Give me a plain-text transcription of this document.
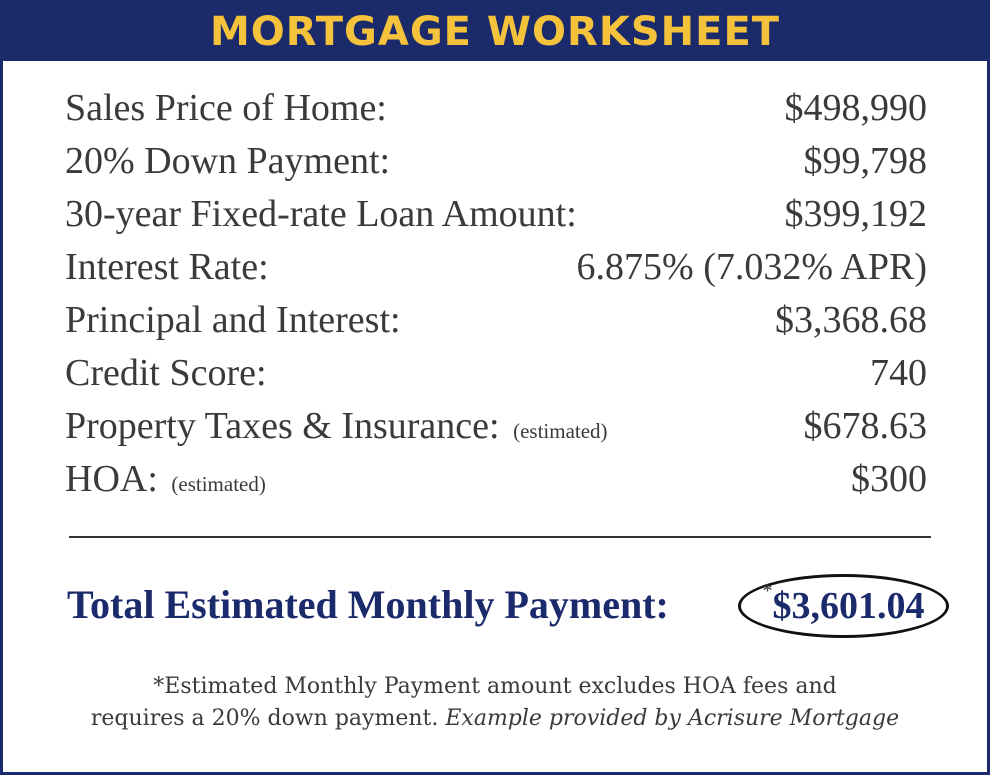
MORTGAGE WORKSHEET
Sales Price of Home:	$498,990
20% Down Payment:	$99,798
30-year Fixed-rate Loan Amount:	$399,192
Interest Rate:	6.875% (7.032% APR)
Principal and Interest:	$3,368.68
Credit Score:	740
Property Taxes & Insurance: (estimated)	$678.63
HOA: (estimated)	$300
Total Estimated Monthly Payment:	*$3,601.04
*Estimated Monthly Payment amount excludes HOA fees and
requires a 20% down payment. Example provided by Acrisure Mortgage
